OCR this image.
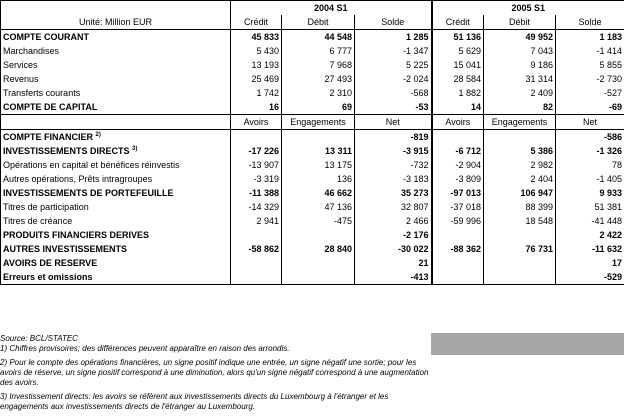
	2004 S1			2005 S1		
Unité: Million EUR	Crédit	Débit	Solde	Crédit	Débit	Solde
COMPTE COURANT	45 833	44 548	1 285	51 136	49 952	1 183
Marchandises	5 430	6 777	-1 347	5 629	7 043	-1 414
Services	13 193	7 968	5 225	15 041	9 186	5 855
Revenus	25 469	27 493	-2 024	28 584	31 314	-2 730
Transferts courants	1 742	2 310	-568	1 882	2 409	-527
COMPTE DE CAPITAL	16	69	-53	14	82	-69
	Avoirs	Engagements	Net	Avoirs	Engagements	Net
COMPTE FINANCIER $^{2)}$			-819			-586
INVESTISSEMENTS DIRECTS $^{3)}$	-17 226	13 311	-3 915	-6 712	5 386	-1 326
Opérations en capital et bénéfices réinvestis	-13 907	13 175	-732	-2 904	2 982	78
Autres opérations, Prêts intragroupes	-3 319	136	-3 183	-3 809	2 404	-1 405
INVESTISSEMENTS DE PORTEFEUILLE	-11 388	46 662	35 273	-97 013	106 947	9 933
Titres de participation	-14 329	47 136	32 807	-37 018	88 399	51 381
Titres de créance	2 941	-475	2 466	-59 996	18 548	-41 448
PRODUITS FINANCIERS DERIVES			-2 176			2 422
AUTRES INVESTISSEMENTS	-58 862	28 840	-30 022	-88 362	76 731	-11 632
AVOIRS DE RESERVE			21			17
Erreurs et omissions			-413			-529

Source: BCL/STATEC

1) Chiffres provisoires; des différences peuvent apparaître en raison des arrondis.

2) Pour le compte des opérations financières, un signe positif indique une entrée, un signe négatif une sortie; pour les avoirs de réserve, un signe positif correspond à une diminution, alors qu'un signe négatif correspond à une augmentation des avoirs.

3) Investissement directs: les avoirs se réfèrent aux investissements directs du Luxembourg à l'étranger et les engagements aux investissements directs de l'étranger au Luxembourg.
